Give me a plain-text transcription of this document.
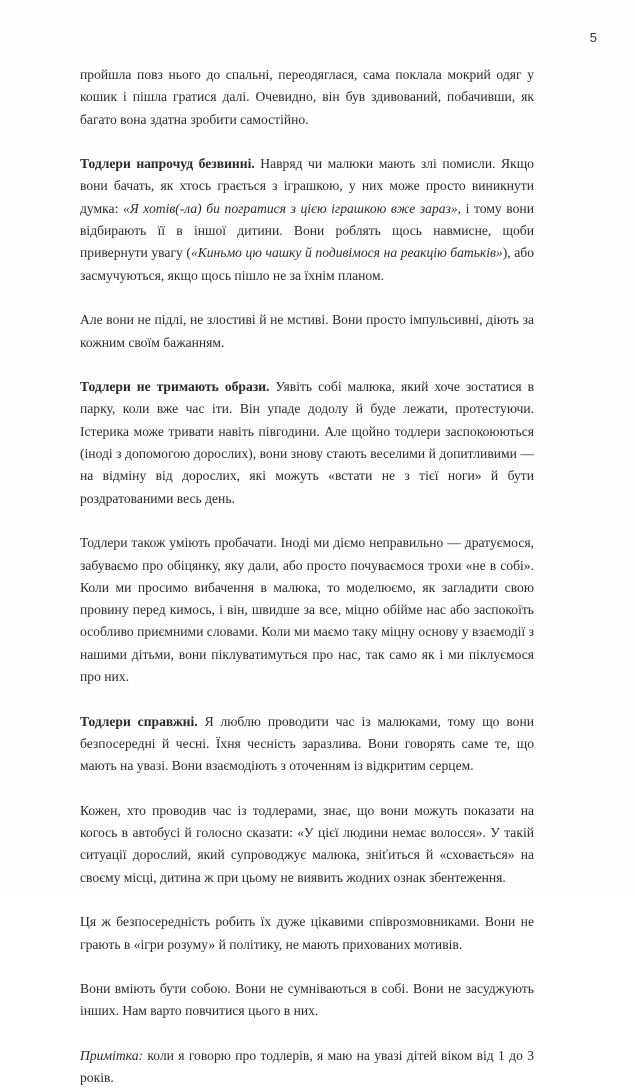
5

пройшла повз нього до спальні, переодяглася, сама поклала мокрий одяг у кошик і пішла гратися далі. Очевидно, він був здивований, побачивши, як багато вона здатна зробити самостійно.

Тодлери напрочуд безвинні. Навряд чи малюки мають злі помисли. Якщо вони бачать, як хтось грається з іграшкою, у них може просто виникнути думка: «Я хотів(-ла) би погратися з цією іграшкою вже зараз», і тому вони відбирають її в іншої дитини. Вони роблять щось навмисне, щоби привернути увагу («Киньмо цю чашку й подивімося на реакцію батьків»), або засмучуються, якщо щось пішло не за їхнім планом.

Але вони не підлі, не злостиві й не мстиві. Вони просто імпульсивні, діють за кожним своїм бажанням.

Тодлери не тримають образи. Уявіть собі малюка, який хоче зостатися в парку, коли вже час іти. Він упаде додолу й буде лежати, протестуючи. Істерика може тривати навіть півгодини. Але щойно тодлери заспокоюються (іноді з допомогою дорослих), вони знову стають веселими й допитливими — на відміну від дорослих, які можуть «встати не з тієї ноги» й бути роздратованими весь день.

Тодлери також уміють пробачати. Іноді ми діємо неправильно — дратуємося, забуваємо про обіцянку, яку дали, або просто почуваємося трохи «не в собі». Коли ми просимо вибачення в малюка, то моделюємо, як загладити свою провину перед кимось, і він, швидше за все, міцно обійме нас або заспокоїть особливо приємними словами. Коли ми маємо таку міцну основу у взаємодії з нашими дітьми, вони піклуватимуться про нас, так само як і ми піклуємося про них.

Тодлери справжні. Я люблю проводити час із малюками, тому що вони безпосередні й чесні. Їхня чесність заразлива. Вони говорять саме те, що мають на увазі. Вони взаємодіють з оточенням із відкритим серцем.

Кожен, хто проводив час із тодлерами, знає, що вони можуть показати на когось в автобусі й голосно сказати: «У цієї людини немає волосся». У такій ситуації дорослий, який супроводжує малюка, зніťиться й «сховається» на своєму місці, дитина ж при цьому не виявить жодних ознак збентеження.

Ця ж безпосередність робить їх дуже цікавими співрозмовниками. Вони не грають в «ігри розуму» й політику, не мають прихованих мотивів.

Вони вміють бути собою. Вони не сумніваються в собі. Вони не засуджують інших. Нам варто повчитися цього в них.

Примітка: коли я говорю про тодлерів, я маю на увазі дітей віком від 1 до 3 років.
